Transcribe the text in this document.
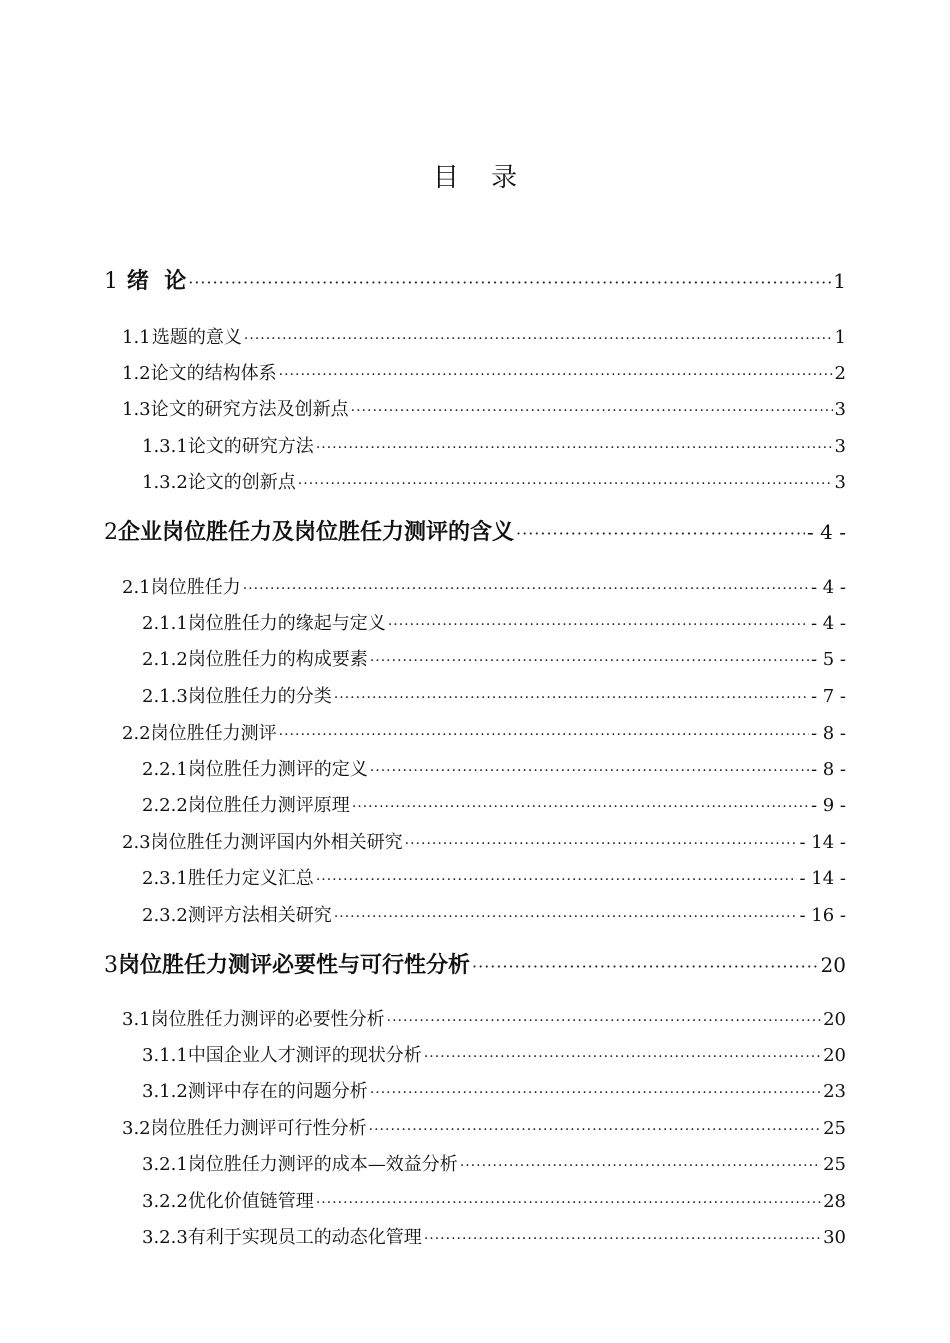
目 录
1 绪  论 ·····	1
1.1 选题的意义 ·····	1
1.2 论文的结构体系 ·····	2
1.3 论文的研究方法及创新点 ·····	3
1.3.1 论文的研究方法 ·····	3
1.3.2 论文的创新点 ·····	3
2 企业岗位胜任力及岗位胜任力测评的含义 ·····	- 4 -
2.1 岗位胜任力 ·····	- 4 -
2.1.1 岗位胜任力的缘起与定义 ·····	- 4 -
2.1.2 岗位胜任力的构成要素 ·····	- 5 -
2.1.3 岗位胜任力的分类 ·····	- 7 -
2.2 岗位胜任力测评 ·····	- 8 -
2.2.1 岗位胜任力测评的定义 ·····	- 8 -
2.2.2 岗位胜任力测评原理 ·····	- 9 -
2.3 岗位胜任力测评国内外相关研究 ·····	- 14 -
2.3.1 胜任力定义汇总 ·····	- 14 -
2.3.2 测评方法相关研究 ·····	- 16 -
3 岗位胜任力测评必要性与可行性分析 ·····	20
3.1 岗位胜任力测评的必要性分析 ·····	20
3.1.1 中国企业人才测评的现状分析 ·····	20
3.1.2 测评中存在的问题分析 ·····	23
3.2 岗位胜任力测评可行性分析 ·····	25
3.2.1 岗位胜任力测评的成本—效益分析 ·····	25
3.2.2 优化价值链管理 ·····	28
3.2.3 有利于实现员工的动态化管理 ·····	30
